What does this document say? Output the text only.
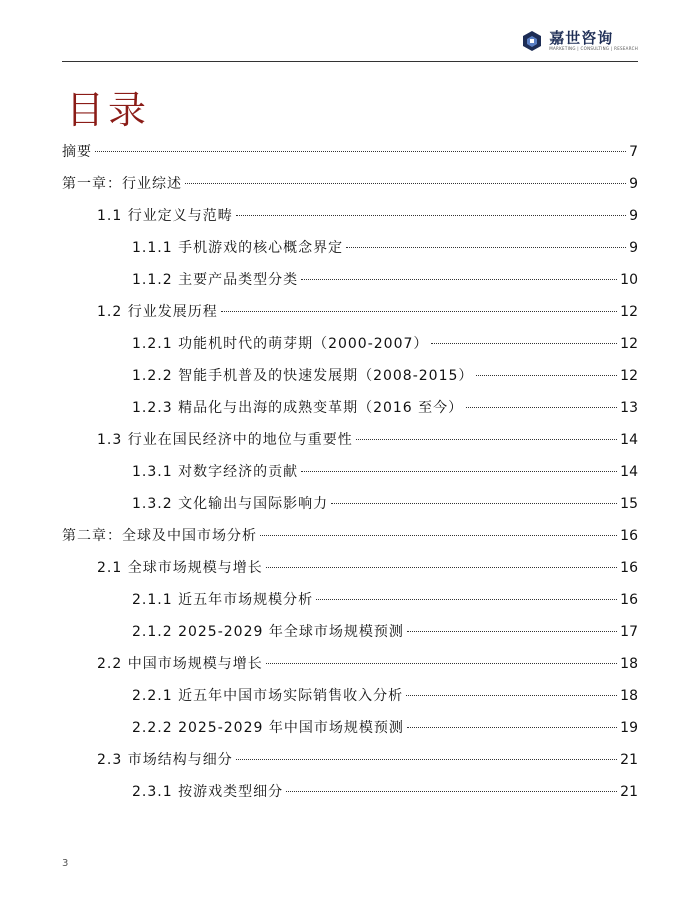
嘉世咨询
MARKETING | CONSULTING | RESEARCH
目录
摘要	7
第一章：行业综述	9
1.1 行业定义与范畴	9
1.1.1 手机游戏的核心概念界定	9
1.1.2 主要产品类型分类	10
1.2 行业发展历程	12
1.2.1 功能机时代的萌芽期（2000-2007）	12
1.2.2 智能手机普及的快速发展期（2008-2015）	12
1.2.3 精品化与出海的成熟变革期（2016 至今）	13
1.3 行业在国民经济中的地位与重要性	14
1.3.1 对数字经济的贡献	14
1.3.2 文化输出与国际影响力	15
第二章：全球及中国市场分析	16
2.1 全球市场规模与增长	16
2.1.1 近五年市场规模分析	16
2.1.2 2025-2029 年全球市场规模预测	17
2.2 中国市场规模与增长	18
2.2.1 近五年中国市场实际销售收入分析	18
2.2.2 2025-2029 年中国市场规模预测	19
2.3 市场结构与细分	21
2.3.1 按游戏类型细分	21
3
